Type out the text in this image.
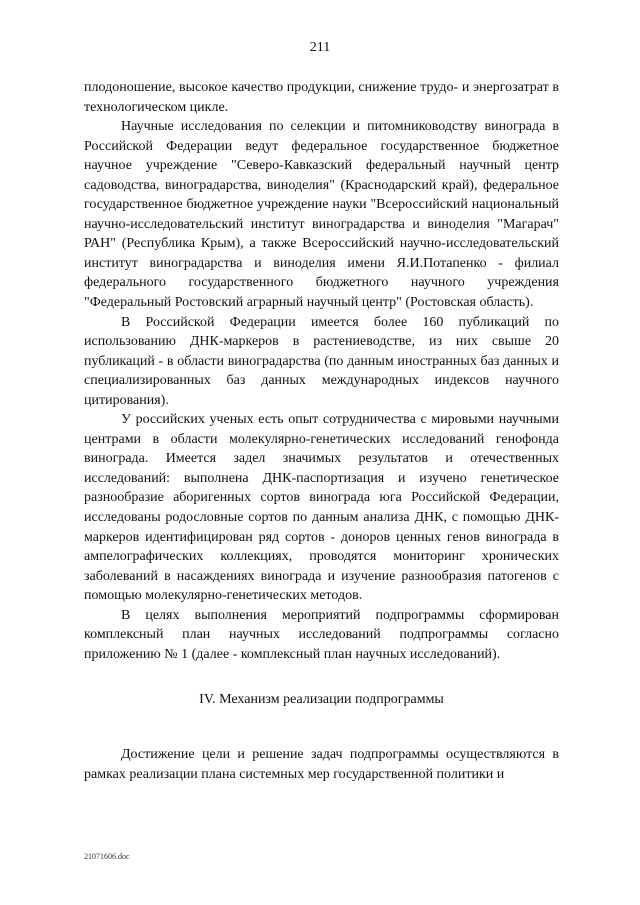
211

плодоношение, высокое качество продукции, снижение трудо- и энергозатрат в технологическом цикле.

Научные исследования по селекции и питомниководству винограда в Российской Федерации ведут федеральное государственное бюджетное научное учреждение "Северо-Кавказский федеральный научный центр садоводства, виноградарства, виноделия" (Краснодарский край), федеральное государственное бюджетное учреждение науки "Всероссийский национальный научно-исследовательский институт виноградарства и виноделия "Магарач" РАН" (Республика Крым), а также Всероссийский научно-исследовательский институт виноградарства и виноделия имени Я.И.Потапенко - филиал федерального государственного бюджетного научного учреждения "Федеральный Ростовский аграрный научный центр" (Ростовская область).

В Российской Федерации имеется более 160 публикаций по использованию ДНК-маркеров в растениеводстве, из них свыше 20 публикаций - в области виноградарства (по данным иностранных баз данных и специализированных баз данных международных индексов научного цитирования).

У российских ученых есть опыт сотрудничества с мировыми научными центрами в области молекулярно-генетических исследований генофонда винограда. Имеется задел значимых результатов и отечественных исследований: выполнена ДНК-паспортизация и изучено генетическое разнообразие аборигенных сортов винограда юга Российской Федерации, исследованы родословные сортов по данным анализа ДНК, с помощью ДНК-маркеров идентифицирован ряд сортов - доноров ценных генов винограда в ампелографических коллекциях, проводятся мониторинг хронических заболеваний в насаждениях винограда и изучение разнообразия патогенов с помощью молекулярно-генетических методов.

В целях выполнения мероприятий подпрограммы сформирован комплексный план научных исследований подпрограммы согласно приложению № 1 (далее - комплексный план научных исследований).

IV. Механизм реализации подпрограммы

Достижение цели и решение задач подпрограммы осуществляются в рамках реализации плана системных мер государственной политики и

21071606.doc
